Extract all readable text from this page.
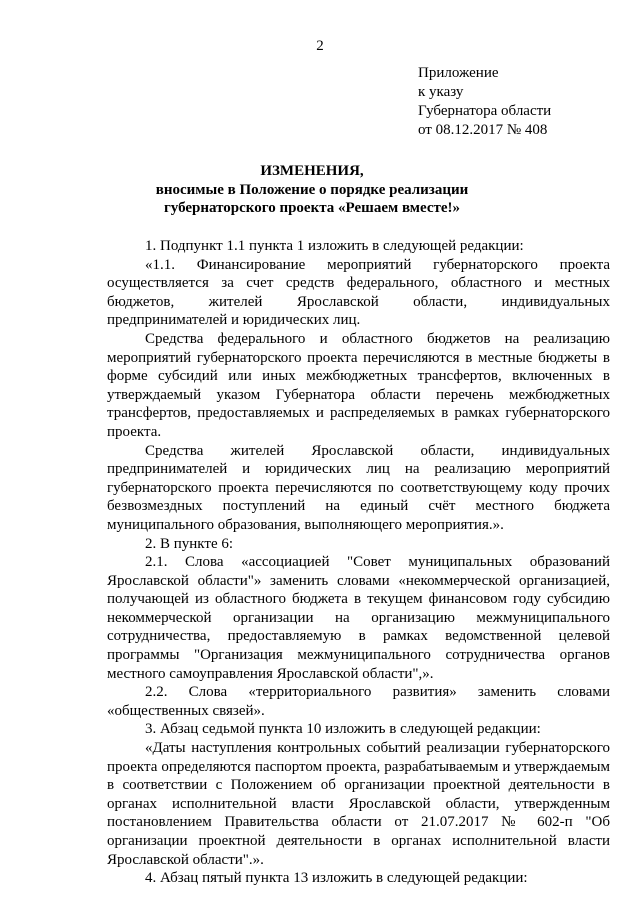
2
Приложение
к указу
Губернатора области
от 08.12.2017 № 408
ИЗМЕНЕНИЯ,
вносимые в Положение о порядке реализации
губернаторского проекта «Решаем вместе!»

1. Подпункт 1.1 пункта 1 изложить в следующей редакции:

«1.1. Финансирование мероприятий губернаторского проекта осуществляется за счет средств федерального, областного и местных бюджетов, жителей Ярославской области, индивидуальных предпринимателей и юридических лиц.

Средства федерального и областного бюджетов на реализацию мероприятий губернаторского проекта перечисляются в местные бюджеты в форме субсидий или иных межбюджетных трансфертов, включенных в утверждаемый указом Губернатора области перечень межбюджетных трансфертов, предоставляемых и распределяемых в рамках губернаторского проекта.

Средства жителей Ярославской области, индивидуальных предпринимателей и юридических лиц на реализацию мероприятий губернаторского проекта перечисляются по соответствующему коду прочих безвозмездных поступлений на единый счёт местного бюджета муниципального образования, выполняющего мероприятия.».

2. В пункте 6:

2.1. Слова «ассоциацией "Совет муниципальных образований Ярославской области"» заменить словами «некоммерческой организацией, получающей из областного бюджета в текущем финансовом году субсидию некоммерческой организации на организацию межмуниципального сотрудничества, предоставляемую в рамках ведомственной целевой программы "Организация межмуниципального сотрудничества органов местного самоуправления Ярославской области",».

2.2. Слова «территориального развития» заменить словами «общественных связей».

3. Абзац седьмой пункта 10 изложить в следующей редакции:

«Даты наступления контрольных событий реализации губернаторского проекта определяются паспортом проекта, разрабатываемым и утверждаемым в соответствии с Положением об организации проектной деятельности в органах исполнительной власти Ярославской области, утвержденным постановлением Правительства области от 21.07.2017 № 602-п "Об организации проектной деятельности в органах исполнительной власти Ярославской области".».

4. Абзац пятый пункта 13 изложить в следующей редакции:
